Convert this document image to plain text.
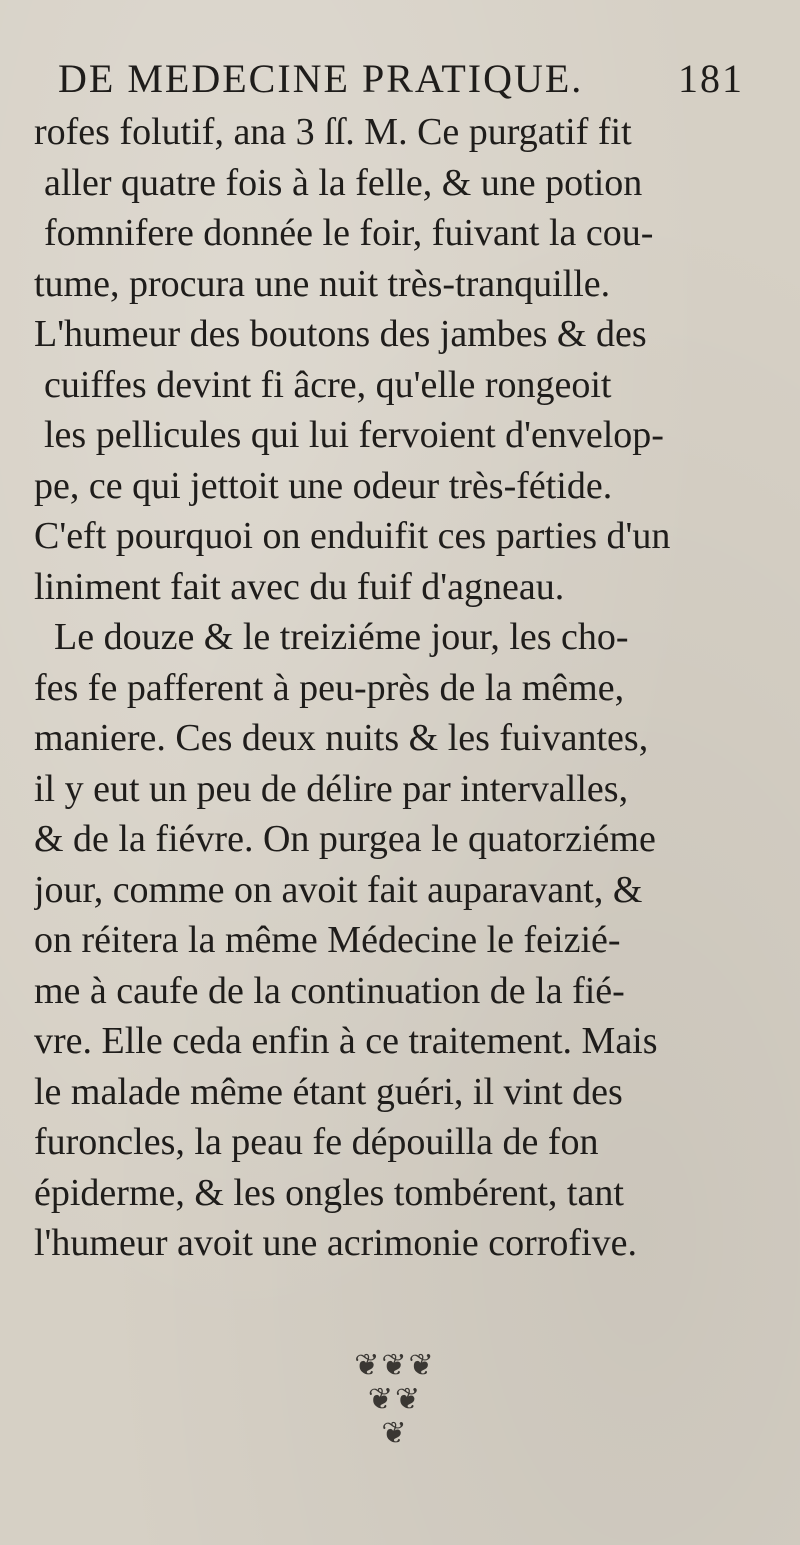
DE MEDECINE PRATIQUE. 181
rofes folutif, ana 3 ſſ. M. Ce purgatif fit
aller quatre fois à la felle, & une potion
fomnifere donnée le foir, fuivant la cou-
tume, procura une nuit très-tranquille.
L'humeur des boutons des jambes & des
cuiffes devint fi âcre, qu'elle rongeoit
les pellicules qui lui fervoient d'envelop-
pe, ce qui jettoit une odeur très-fétide.
C'eft pourquoi on enduifit ces parties d'un
liniment fait avec du fuif d'agneau.
Le douze & le treiziéme jour, les cho-
fes fe pafferent à peu-près de la même,
maniere. Ces deux nuits & les fuivantes,
il y eut un peu de délire par intervalles,
& de la fiévre. On purgea le quatorziéme
jour, comme on avoit fait auparavant, &
on réitera la même Médecine le feizié-
me à caufe de la continuation de la fié-
vre. Elle ceda enfin à ce traitement. Mais
le malade même étant guéri, il vint des
furoncles, la peau fe dépouilla de fon
épiderme, & les ongles tombérent, tant
l'humeur avoit une acrimonie corrofive.
❦❦❦
❦❦
❦
